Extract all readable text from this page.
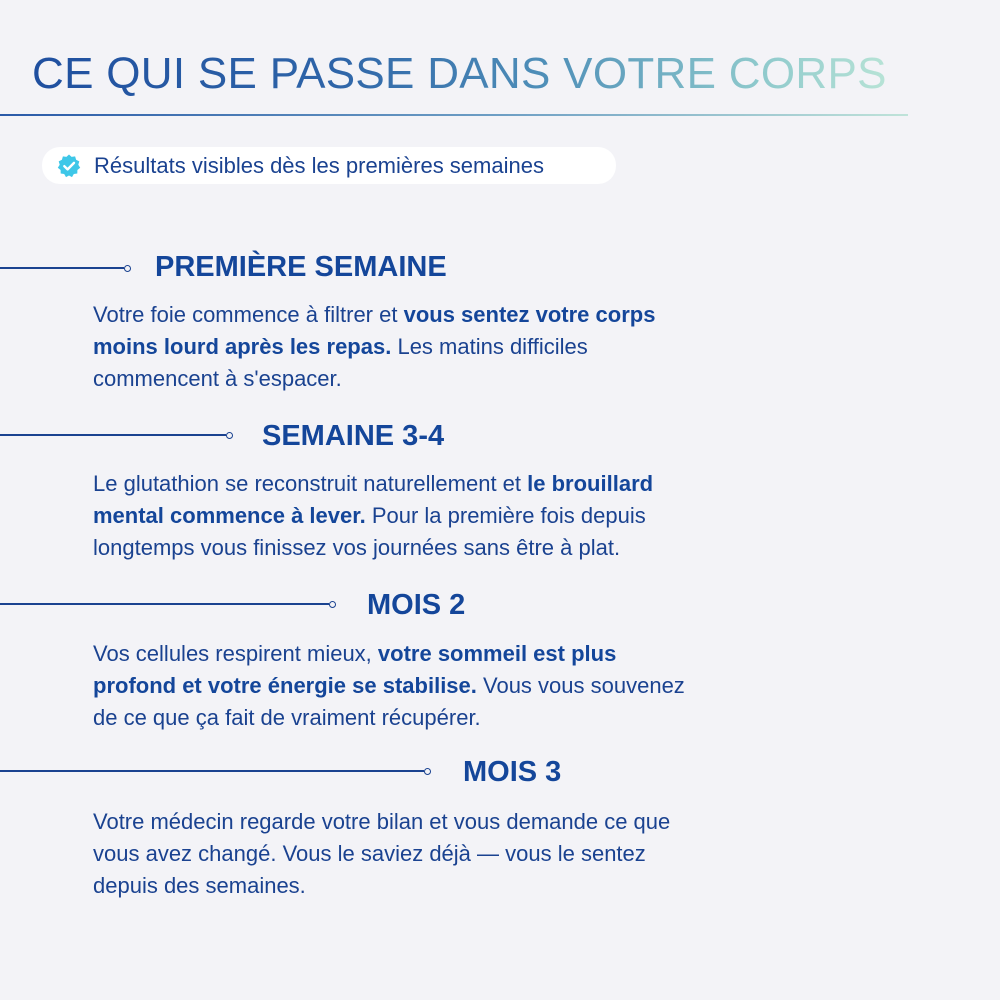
CE QUI SE PASSE DANS VOTRE CORPS
Résultats visibles dès les premières semaines
PREMIÈRE SEMAINE

Votre foie commence à filtrer et vous sentez votre corps moins lourd après les repas. Les matins difficiles commencent à s'espacer.

SEMAINE 3-4

Le glutathion se reconstruit naturellement et le brouillard mental commence à lever. Pour la première fois depuis longtemps vous finissez vos journées sans être à plat.

MOIS 2

Vos cellules respirent mieux, votre sommeil est plus profond et votre énergie se stabilise. Vous vous souvenez de ce que ça fait de vraiment récupérer.

MOIS 3

Votre médecin regarde votre bilan et vous demande ce que vous avez changé. Vous le saviez déjà — vous le sentez depuis des semaines.
